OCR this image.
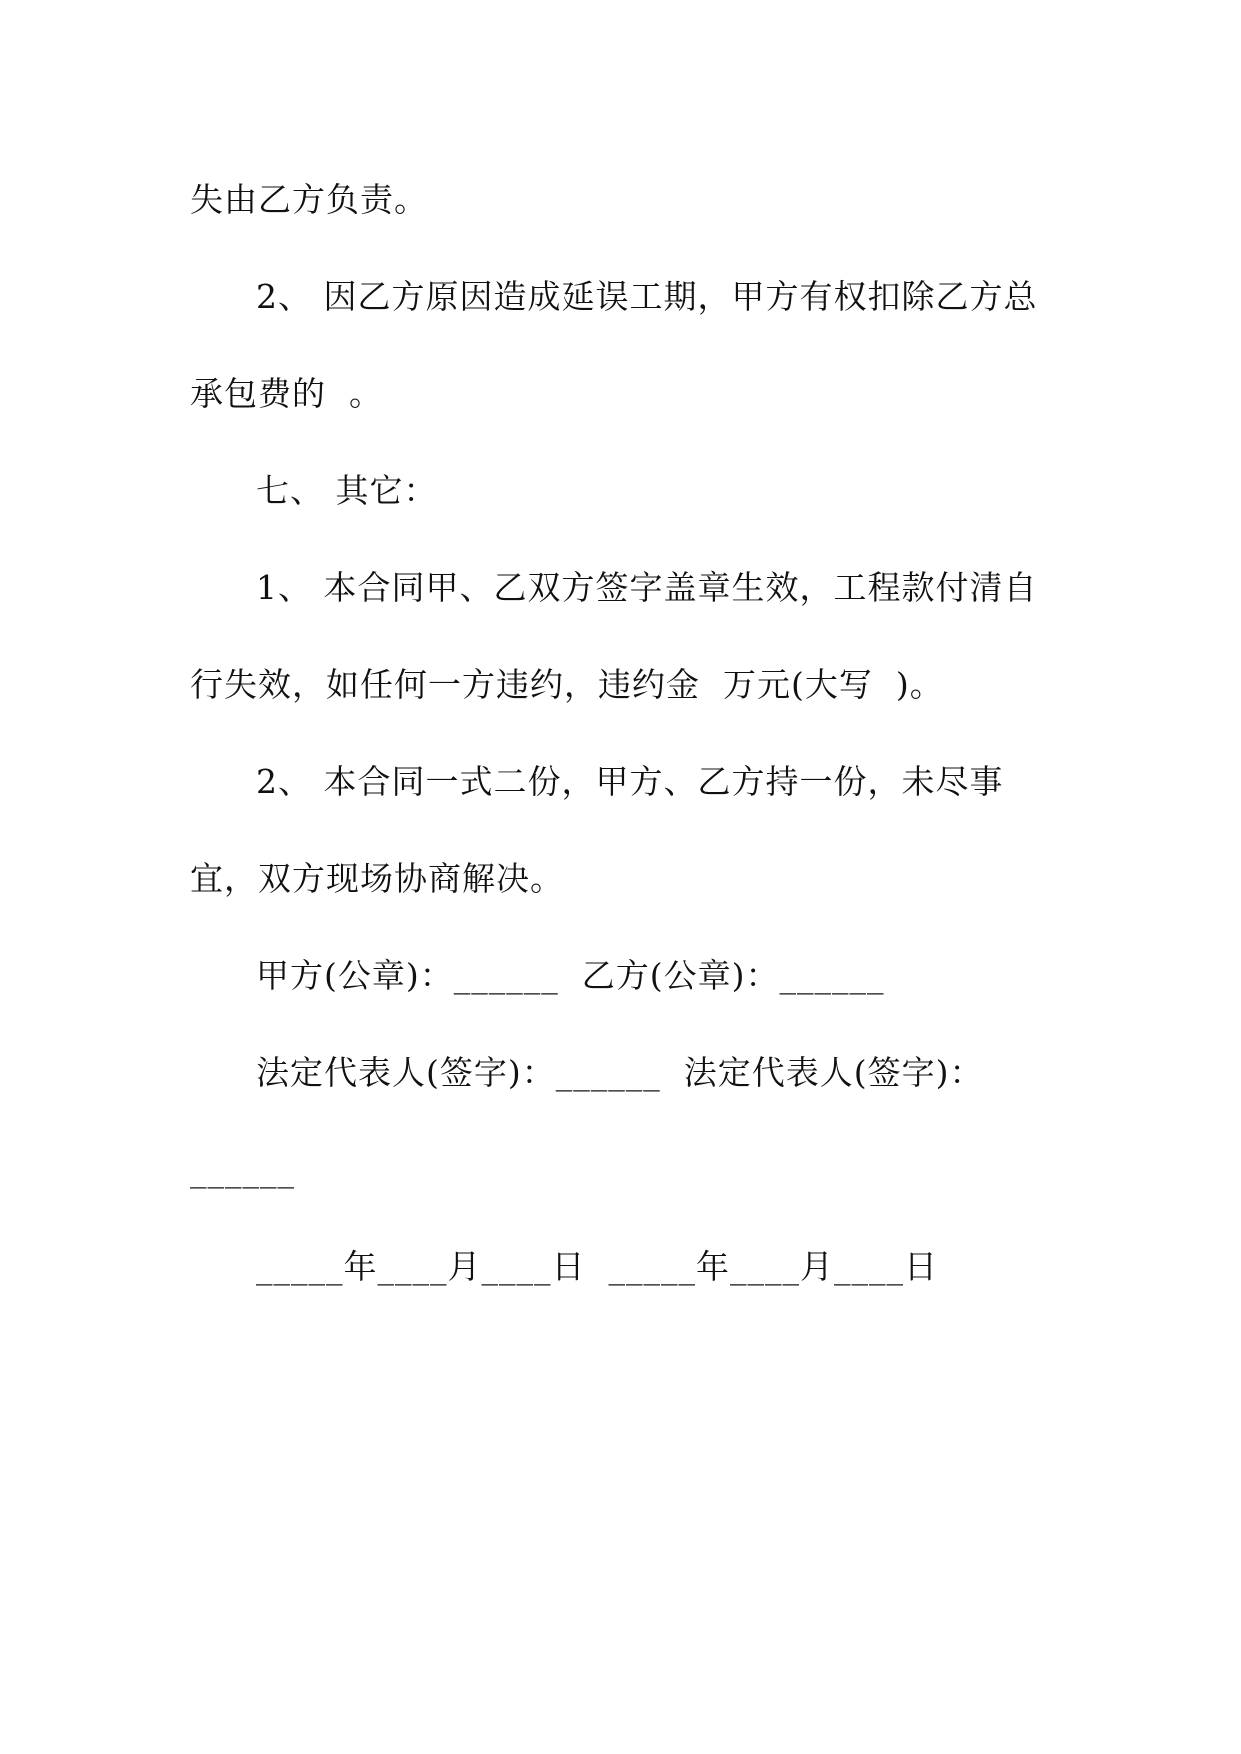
失由乙方负责。

2、 因乙方原因造成延误工期，甲方有权扣除乙方总

承包费的  。

七、 其它：

1、 本合同甲、乙双方签字盖章生效，工程款付清自

行失效，如任何一方违约，违约金  万元(大写  )。

2、 本合同一式二份，甲方、乙方持一份，未尽事

宜，双方现场协商解决。

甲方(公章)：______  乙方(公章)：______

法定代表人(签字)：______  法定代表人(签字)：

______

_____年____月____日  _____年____月____日
